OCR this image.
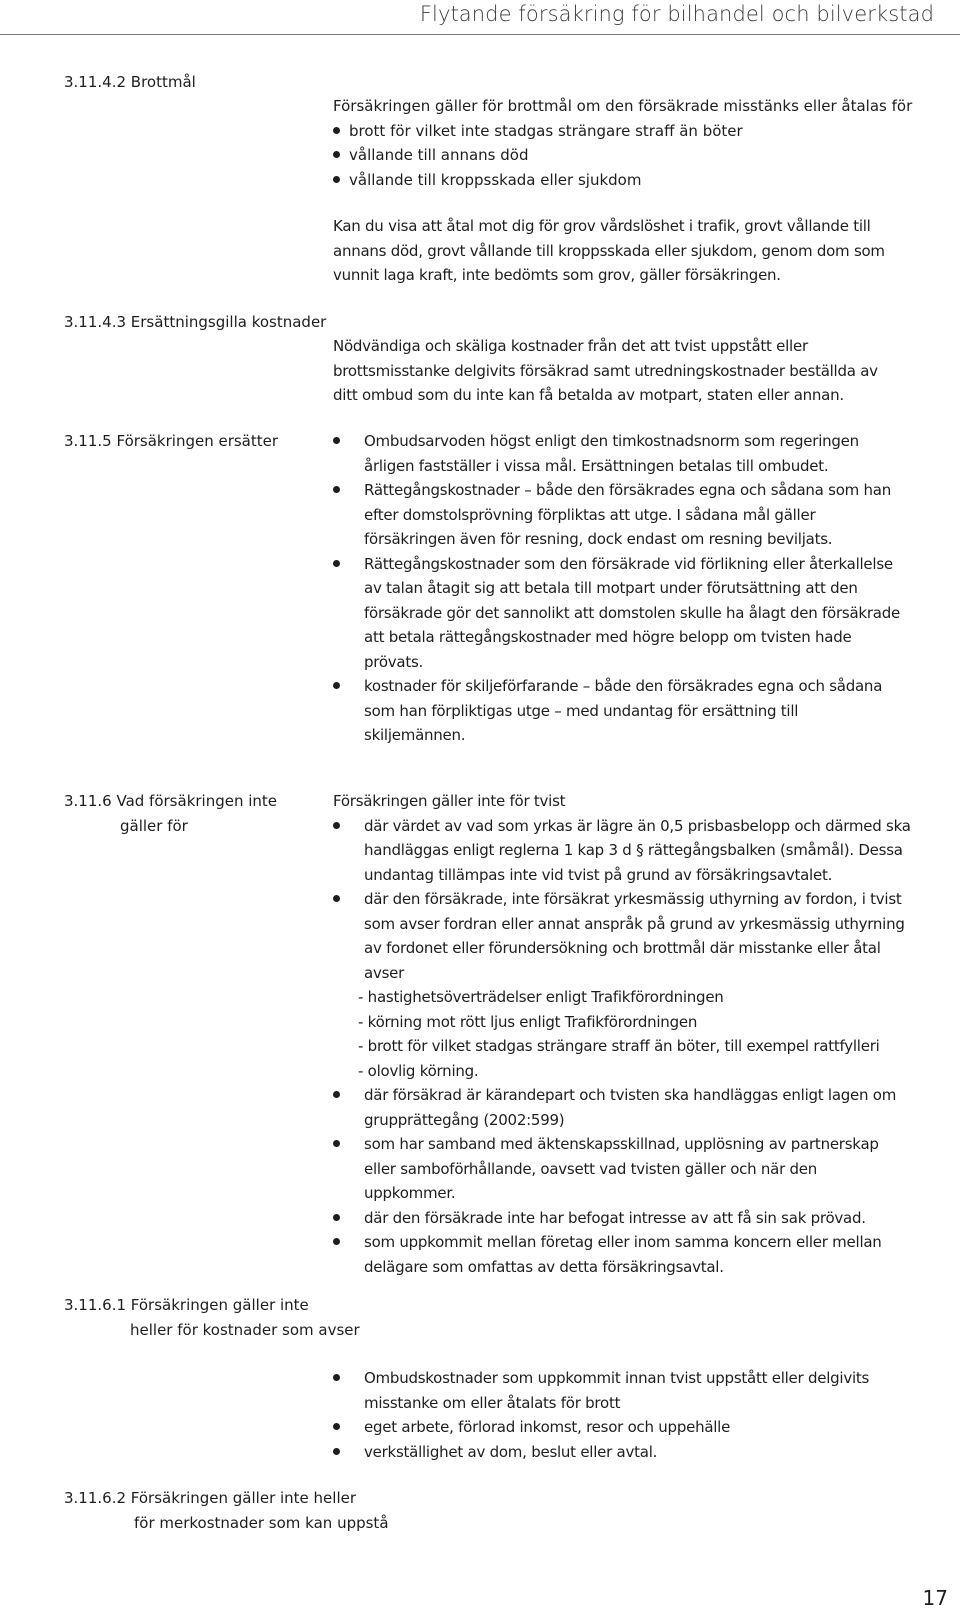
Flytande försäkring för bilhandel och bilverkstad
3.11.4.2 Brottmål
Försäkringen gäller för brottmål om den försäkrade misstänks eller åtalas för
brott för vilket inte stadgas strängare straff än böter
vållande till annans död
vållande till kroppsskada eller sjukdom
Kan du visa att åtal mot dig för grov vårdslöshet i trafik, grovt vållande till
annans död, grovt vållande till kroppsskada eller sjukdom, genom dom som
vunnit laga kraft, inte bedömts som grov, gäller försäkringen.
3.11.4.3 Ersättningsgilla kostnader
Nödvändiga och skäliga kostnader från det att tvist uppstått eller
brottsmisstanke delgivits försäkrad samt utredningskostnader beställda av
ditt ombud som du inte kan få betalda av motpart, staten eller annan.
3.11.5 Försäkringen ersätter	Ombudsarvoden högst enligt den timkostnadsnorm som regeringen
årligen fastställer i vissa mål. Ersättningen betalas till ombudet.
Rättegångskostnader – både den försäkrades egna och sådana som han
efter domstolsprövning förpliktas att utge. I sådana mål gäller
försäkringen även för resning, dock endast om resning beviljats.
Rättegångskostnader som den försäkrade vid förlikning eller återkallelse
av talan åtagit sig att betala till motpart under förutsättning att den
försäkrade gör det sannolikt att domstolen skulle ha ålagt den försäkrade
att betala rättegångskostnader med högre belopp om tvisten hade
prövats.
kostnader för skiljeförfarande – både den försäkrades egna och sådana
som han förpliktigas utge – med undantag för ersättning till
skiljemännen.
3.11.6 Vad försäkringen inte
gäller för
Försäkringen gäller inte för tvist
där värdet av vad som yrkas är lägre än 0,5 prisbasbelopp och därmed ska
handläggas enligt reglerna 1 kap 3 d § rättegångsbalken (småmål). Dessa
undantag tillämpas inte vid tvist på grund av försäkringsavtalet.
där den försäkrade, inte försäkrat yrkesmässig uthyrning av fordon, i tvist
som avser fordran eller annat anspråk på grund av yrkesmässig uthyrning
av fordonet eller förundersökning och brottmål där misstanke eller åtal
avser
- hastighetsöverträdelser enligt Trafikförordningen
- körning mot rött ljus enligt Trafikförordningen
- brott för vilket stadgas strängare straff än böter, till exempel rattfylleri
- olovlig körning.
där försäkrad är kärandepart och tvisten ska handläggas enligt lagen om
grupprättegång (2002:599)
som har samband med äktenskapsskillnad, upplösning av partnerskap
eller samboförhållande, oavsett vad tvisten gäller och när den
uppkommer.
där den försäkrade inte har befogat intresse av att få sin sak prövad.
som uppkommit mellan företag eller inom samma koncern eller mellan
delägare som omfattas av detta försäkringsavtal.
3.11.6.1 Försäkringen gäller inte
heller för kostnader som avser
Ombudskostnader som uppkommit innan tvist uppstått eller delgivits
misstanke om eller åtalats för brott
eget arbete, förlorad inkomst, resor och uppehälle
verkställighet av dom, beslut eller avtal.
3.11.6.2 Försäkringen gäller inte heller
för merkostnader som kan uppstå
17
